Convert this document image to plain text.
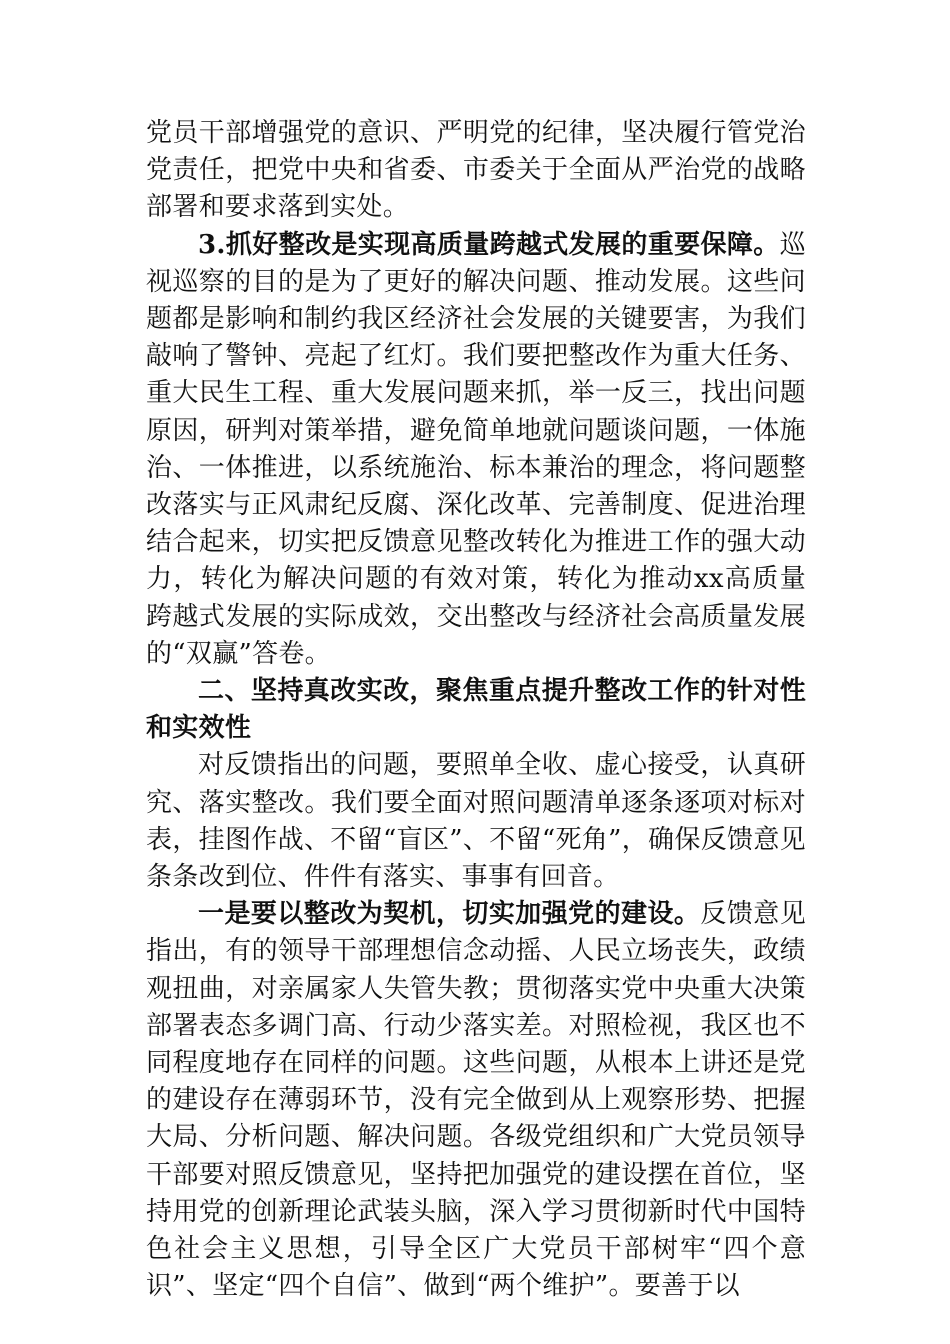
党员干部增强党的意识、严明党的纪律，坚决履行管党治党责任，把党中央和省委、市委关于全面从严治党的战略部署和要求落到实处。

3.抓好整改是实现高质量跨越式发展的重要保障。巡视巡察的目的是为了更好的解决问题、推动发展。这些问题都是影响和制约我区经济社会发展的关键要害，为我们敲响了警钟、亮起了红灯。我们要把整改作为重大任务、重大民生工程、重大发展问题来抓，举一反三，找出问题原因，研判对策举措，避免简单地就问题谈问题，一体施治、一体推进，以系统施治、标本兼治的理念，将问题整改落实与正风肃纪反腐、深化改革、完善制度、促进治理结合起来，切实把反馈意见整改转化为推进工作的强大动力，转化为解决问题的有效对策，转化为推动xx高质量跨越式发展的实际成效，交出整改与经济社会高质量发展的“双赢”答卷。

二、坚持真改实改，聚焦重点提升整改工作的针对性和实效性

对反馈指出的问题，要照单全收、虚心接受，认真研究、落实整改。我们要全面对照问题清单逐条逐项对标对表，挂图作战、不留“盲区”、不留“死角”，确保反馈意见条条改到位、件件有落实、事事有回音。

一是要以整改为契机，切实加强党的建设。反馈意见指出，有的领导干部理想信念动摇、人民立场丧失，政绩观扭曲，对亲属家人失管失教；贯彻落实党中央重大决策部署表态多调门高、行动少落实差。对照检视，我区也不同程度地存在同样的问题。这些问题，从根本上讲还是党的建设存在薄弱环节，没有完全做到从上观察形势、把握大局、分析问题、解决问题。各级党组织和广大党员领导干部要对照反馈意见，坚持把加强党的建设摆在首位，坚持用党的创新理论武装头脑，深入学习贯彻新时代中国特色社会主义思想，引导全区广大党员干部树牢“四个意识”、坚定“四个自信”、做到“两个维护”。要善于以
